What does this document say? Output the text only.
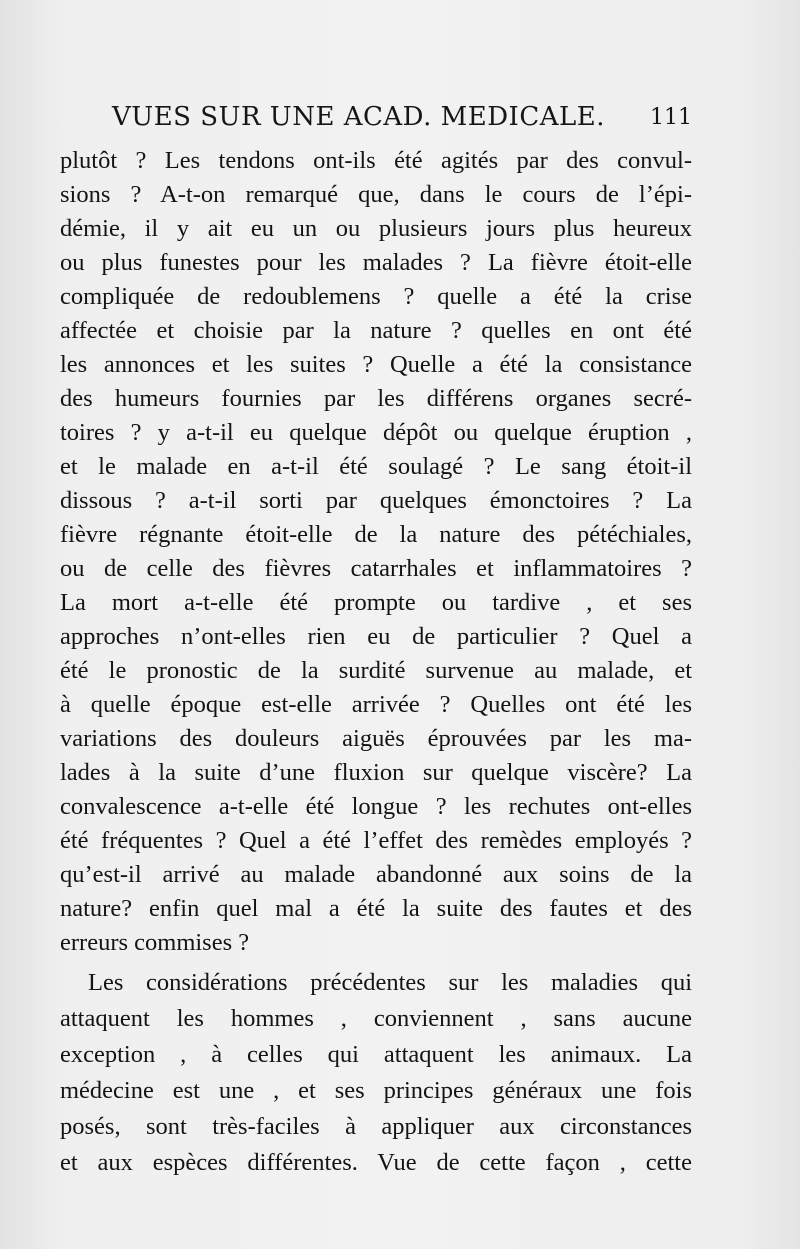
VUES SUR UNE ACAD. MEDICALE. 111
plutôt ? Les tendons ont-ils été agités par des convul-
sions ? A-t-on remarqué que, dans le cours de l’épi-
démie, il y ait eu un ou plusieurs jours plus heureux
ou plus funestes pour les malades ? La fièvre étoit-elle
compliquée de redoublemens ? quelle a été la crise
affectée et choisie par la nature ? quelles en ont été
les annonces et les suites ? Quelle a été la consistance
des humeurs fournies par les différens organes secré-
toires ? y a-t-il eu quelque dépôt ou quelque éruption ,
et le malade en a-t-il été soulagé ? Le sang étoit-il
dissous ? a-t-il sorti par quelques émonctoires ? La
fièvre régnante étoit-elle de la nature des pétéchiales,
ou de celle des fièvres catarrhales et inflammatoires ?
La mort a-t-elle été prompte ou tardive , et ses
approches n’ont-elles rien eu de particulier ? Quel a
été le pronostic de la surdité survenue au malade, et
à quelle époque est-elle arrivée ? Quelles ont été les
variations des douleurs aiguës éprouvées par les ma-
lades à la suite d’une fluxion sur quelque viscère? La
convalescence a-t-elle été longue ? les rechutes ont-elles
été fréquentes ? Quel a été l’effet des remèdes employés ?
qu’est-il arrivé au malade abandonné aux soins de la
nature? enfin quel mal a été la suite des fautes et des
erreurs commises ?
Les considérations précédentes sur les maladies qui
attaquent les hommes , conviennent , sans aucune
exception , à celles qui attaquent les animaux. La
médecine est une , et ses principes généraux une fois
posés, sont très-faciles à appliquer aux circonstances
et aux espèces différentes. Vue de cette façon , cette
